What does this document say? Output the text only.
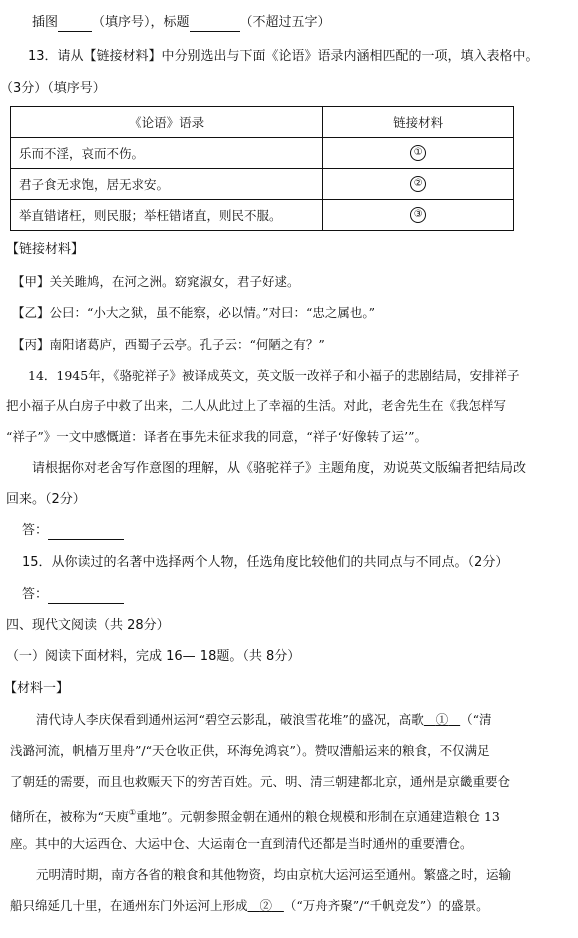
插图	（填序号），标题	（不超过五字）
13．请从【链接材料】中分别选出与下面《论语》语录内涵相匹配的一项，填入表格中。
（3分）（填序号）
《论语》语录	链接材料
乐而不淫，哀而不伤。	①
君子食无求饱，居无求安。	②
举直错诸枉，则民服；举枉错诸直，则民不服。	③
【链接材料】
【甲】关关雎鸠，在河之洲。窈窕淑女，君子好逑。
【乙】公曰：“小大之狱，虽不能察，必以情。”对曰：“忠之属也。”
【丙】南阳诸葛庐，西蜀子云亭。孔子云：“何陋之有？”
14．1945年，《骆驼祥子》被译成英文，英文版一改祥子和小福子的悲剧结局，安排祥子
把小福子从白房子中救了出来，二人从此过上了幸福的生活。对此，老舍先生在《我怎样写
“祥子”》一文中感慨道：译者在事先未征求我的同意，“祥子‘好像转了运’”。
请根据你对老舍写作意图的理解，从《骆驼祥子》主题角度，劝说英文版编者把结局改
回来。（2分）
答：
15．从你读过的名著中选择两个人物，任选角度比较他们的共同点与不同点。（2分）
答：
四、现代文阅读（共 28分）
（一）阅读下面材料，完成 16— 18题。（共 8分）
【材料一】
清代诗人李庆保看到通州运河“碧空云影乱，破浪雪花堆”的盛况，高歌 ① （“清
浅潞河流，帆樯万里舟”/“天仓收正供，环海免鸿哀”）。赞叹漕船运来的粮食，不仅满足
了朝廷的需要，而且也救赈天下的穷苦百姓。元、明、清三朝建都北京，通州是京畿重要仓
储所在，被称为“天庾①重地”。元朝参照金朝在通州的粮仓规模和形制在京通建造粮仓 13
座。其中的大运西仓、大运中仓、大运南仓一直到清代还都是当时通州的重要漕仓。
元明清时期，南方各省的粮食和其他物资，均由京杭大运河运至通州。繁盛之时，运输
船只绵延几十里，在通州东门外运河上形成 ② （“万舟齐聚”/“千帆竞发”）的盛景。
